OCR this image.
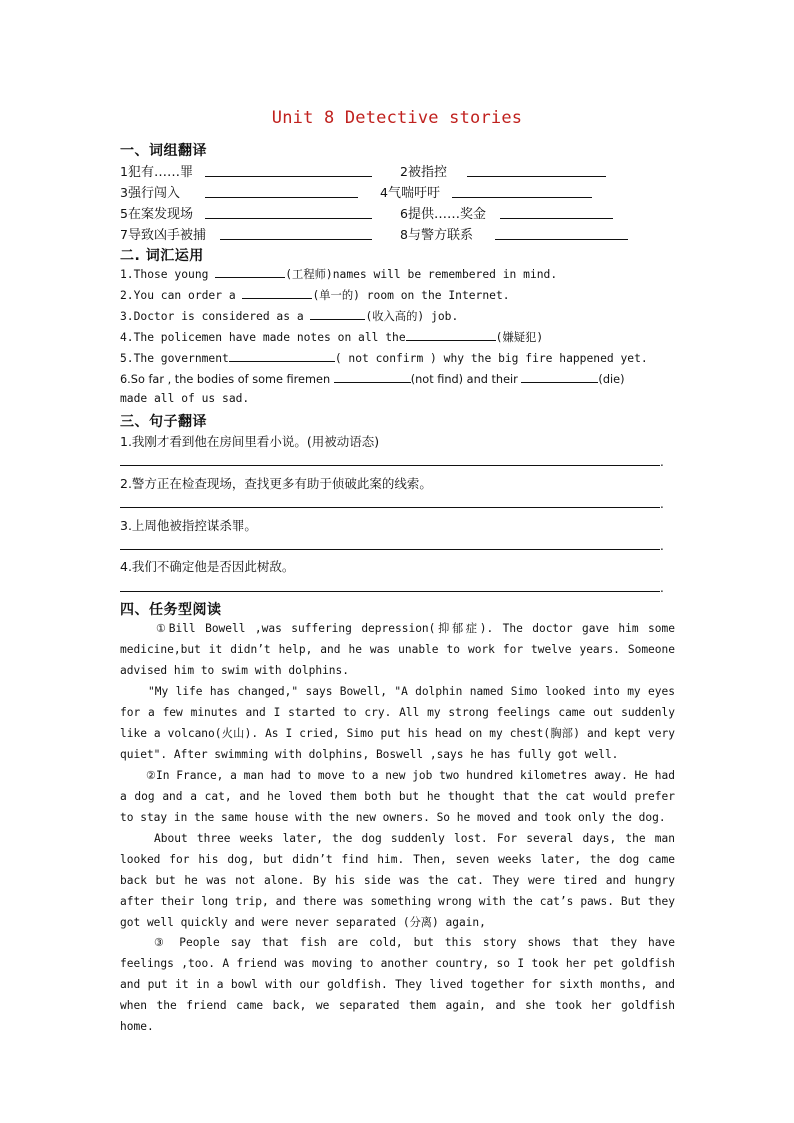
Unit 8 Detective stories
一、词组翻译
1犯有……罪	2被指控
3强行闯入	4气喘吁吁
5在案发现场	6提供……奖金
7导致凶手被捕	8与警方联系
二. 词汇运用
1.Those young	(工程师)names will be remembered in mind.
2.You can order a	(单一的) room on the Internet.
3.Doctor is considered as a	(收入高的) job.
4.The policemen have made notes on all the	(嫌疑犯)
5.The government	( not confirm ) why the big fire happened yet.
6.So far , the bodies of some firemen	(not find) and their	(die)
made all of us sad.
三、句子翻译
1.我刚才看到他在房间里看小说。(用被动语态)
.
2.警方正在检查现场，查找更多有助于侦破此案的线索。
.
3.上周他被指控谋杀罪。
.
4.我们不确定他是否因此树敌。
.
四、任务型阅读
①Bill Bowell ,was suffering depression(抑郁症). The doctor gave him some medicine,but it didn’t help, and he was unable to work for twelve years. Someone advised him to swim with dolphins.
"My life has changed," says Bowell, "A dolphin named Simo looked into my eyes for a few minutes and I started to cry. All my strong feelings came out suddenly like a volcano(火山). As I cried, Simo put his head on my chest(胸部) and kept very quiet". After swimming with dolphins, Boswell ,says he has fully got well.
②In France, a man had to move to a new job two hundred kilometres away. He had a dog and a cat, and he loved them both but he thought that the cat would prefer to stay in the same house with the new owners. So he moved and took only the dog.
About three weeks later, the dog suddenly lost. For several days, the man looked for his dog, but didn’t find him. Then, seven weeks later, the dog came back but he was not alone. By his side was the cat. They were tired and hungry after their long trip, and there was something wrong with the cat’s paws. But they got well quickly and were never separated (分离) again,
③ People say that fish are cold, but this story shows that they have feelings ,too. A friend was moving to another country, so I took her pet goldfish and put it in a bowl with our goldfish. They lived together for sixth months, and when the friend came back, we separated them again, and she took her goldfish home.
